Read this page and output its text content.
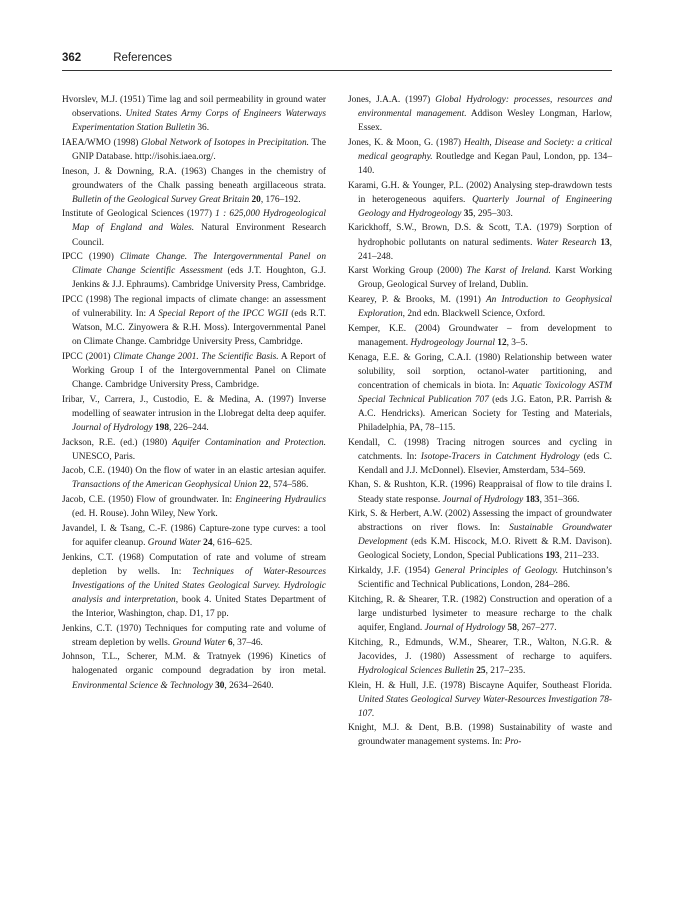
362	References

Hvorslev, M.J. (1951) Time lag and soil permeability in ground water observations. United States Army Corps of Engineers Waterways Experimentation Station Bulletin 36.

IAEA/WMO (1998) Global Network of Isotopes in Precipitation. The GNIP Database. http://isohis.iaea.org/.

Ineson, J. & Downing, R.A. (1963) Changes in the chemistry of groundwaters of the Chalk passing beneath argillaceous strata. Bulletin of the Geological Survey Great Britain 20, 176–192.

Institute of Geological Sciences (1977) 1 : 625,000 Hydrogeological Map of England and Wales. Natural Environment Research Council.

IPCC (1990) Climate Change. The Intergovernmental Panel on Climate Change Scientific Assessment (eds J.T. Houghton, G.J. Jenkins & J.J. Ephraums). Cambridge University Press, Cambridge.

IPCC (1998) The regional impacts of climate change: an assessment of vulnerability. In: A Special Report of the IPCC WGII (eds R.T. Watson, M.C. Zinyowera & R.H. Moss). Intergovernmental Panel on Climate Change. Cambridge University Press, Cambridge.

IPCC (2001) Climate Change 2001. The Scientific Basis. A Report of Working Group I of the Intergovernmental Panel on Climate Change. Cambridge University Press, Cambridge.

Iribar, V., Carrera, J., Custodio, E. & Medina, A. (1997) Inverse modelling of seawater intrusion in the Llobregat delta deep aquifer. Journal of Hydrology 198, 226–244.

Jackson, R.E. (ed.) (1980) Aquifer Contamination and Protection. UNESCO, Paris.

Jacob, C.E. (1940) On the flow of water in an elastic artesian aquifer. Transactions of the American Geophysical Union 22, 574–586.

Jacob, C.E. (1950) Flow of groundwater. In: Engineering Hydraulics (ed. H. Rouse). John Wiley, New York.

Javandel, I. & Tsang, C.-F. (1986) Capture-zone type curves: a tool for aquifer cleanup. Ground Water 24, 616–625.

Jenkins, C.T. (1968) Computation of rate and volume of stream depletion by wells. In: Techniques of Water-Resources Investigations of the United States Geological Survey. Hydrologic analysis and interpretation, book 4. United States Department of the Interior, Washington, chap. D1, 17 pp.

Jenkins, C.T. (1970) Techniques for computing rate and volume of stream depletion by wells. Ground Water 6, 37–46.

Johnson, T.L., Scherer, M.M. & Tratnyek (1996) Kinetics of halogenated organic compound degradation by iron metal. Environmental Science & Technology 30, 2634–2640.

Jones, J.A.A. (1997) Global Hydrology: processes, resources and environmental management. Addison Wesley Longman, Harlow, Essex.

Jones, K. & Moon, G. (1987) Health, Disease and Society: a critical medical geography. Routledge and Kegan Paul, London, pp. 134–140.

Karami, G.H. & Younger, P.L. (2002) Analysing step-drawdown tests in heterogeneous aquifers. Quarterly Journal of Engineering Geology and Hydrogeology 35, 295–303.

Karickhoff, S.W., Brown, D.S. & Scott, T.A. (1979) Sorption of hydrophobic pollutants on natural sediments. Water Research 13, 241–248.

Karst Working Group (2000) The Karst of Ireland. Karst Working Group, Geological Survey of Ireland, Dublin.

Kearey, P. & Brooks, M. (1991) An Introduction to Geophysical Exploration, 2nd edn. Blackwell Science, Oxford.

Kemper, K.E. (2004) Groundwater – from development to management. Hydrogeology Journal 12, 3–5.

Kenaga, E.E. & Goring, C.A.I. (1980) Relationship between water solubility, soil sorption, octanol-water partitioning, and concentration of chemicals in biota. In: Aquatic Toxicology ASTM Special Technical Publication 707 (eds J.G. Eaton, P.R. Parrish & A.C. Hendricks). American Society for Testing and Materials, Philadelphia, PA, 78–115.

Kendall, C. (1998) Tracing nitrogen sources and cycling in catchments. In: Isotope-Tracers in Catchment Hydrology (eds C. Kendall and J.J. McDonnel). Elsevier, Amsterdam, 534–569.

Khan, S. & Rushton, K.R. (1996) Reappraisal of flow to tile drains I. Steady state response. Journal of Hydrology 183, 351–366.

Kirk, S. & Herbert, A.W. (2002) Assessing the impact of groundwater abstractions on river flows. In: Sustainable Groundwater Development (eds K.M. Hiscock, M.O. Rivett & R.M. Davison). Geological Society, London, Special Publications 193, 211–233.

Kirkaldy, J.F. (1954) General Principles of Geology. Hutchinson’s Scientific and Technical Publications, London, 284–286.

Kitching, R. & Shearer, T.R. (1982) Construction and operation of a large undisturbed lysimeter to measure recharge to the chalk aquifer, England. Journal of Hydrology 58, 267–277.

Kitching, R., Edmunds, W.M., Shearer, T.R., Walton, N.G.R. & Jacovides, J. (1980) Assessment of recharge to aquifers. Hydrological Sciences Bulletin 25, 217–235.

Klein, H. & Hull, J.E. (1978) Biscayne Aquifer, Southeast Florida. United States Geological Survey Water-Resources Investigation 78-107.

Knight, M.J. & Dent, B.B. (1998) Sustainability of waste and groundwater management systems. In: Pro-
